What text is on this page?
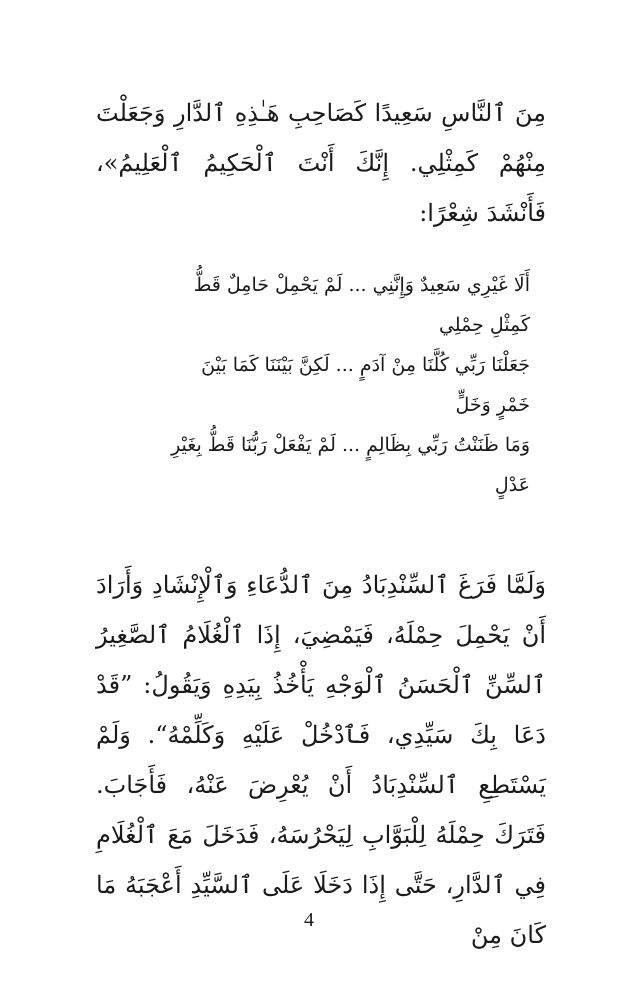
مِنَ ٱلنَّاسِ سَعِيدًا كَصَاحِبِ هَـٰذِهِ ٱلدَّارِ وَجَعَلْتَ مِنْهُمْ كَمِثْلِي. إِنَّكَ أَنْتَ ٱلْحَكِيمُ ٱلْعَلِيمُ»، فَأَنْشَدَ شِعْرًا:

أَلَا غَيْرِي سَعِيدٌ وَإِنَّنِي ... لَمْ يَحْمِلْ حَامِلٌ قَطُّ
كَمِثْلِ حِمْلِي
جَعَلْنَا رَبِّي كُلَّنَا مِنْ آدَمٍ ... لَكِنَّ بَيْنَنَا كَمَا بَيْنَ
خَمْرٍ وَخَلٍّ
وَمَا ظَنَنْتُ رَبِّي بِظَالِمٍ ... لَمْ يَفْعَلْ رَبُّنَا قَطُّ بِغَيْرِ
عَدْلٍ

وَلَمَّا فَرَغَ ٱلسِّنْدِبَادُ مِنَ ٱلدُّعَاءِ وَٱلْإِنْشَادِ وَأَرَادَ أَنْ يَحْمِلَ حِمْلَهُ، فَيَمْضِيَ، إِذَا ٱلْغُلَامُ ٱلصَّغِيرُ ٱلسِّنِّ ٱلْحَسَنُ ٱلْوَجْهِ يَأْخُذُ بِيَدِهِ وَيَقُولُ: ”قَدْ دَعَا بِكَ سَيِّدِي، فَٱدْخُلْ عَلَيْهِ وَكَلِّمْهُ“. وَلَمْ يَسْتَطِعِ ٱلسِّنْدِبَادُ أَنْ يُعْرِضَ عَنْهُ، فَأَجَابَ. فَتَرَكَ حِمْلَهُ لِلْبَوَّابِ لِيَحْرُسَهُ، فَدَخَلَ مَعَ ٱلْغُلَامِ فِي ٱلدَّارِ، حَتَّى إِذَا دَخَلَا عَلَى ٱلسَّيِّدِ أَعْجَبَهُ مَا كَانَ مِنْ

4
